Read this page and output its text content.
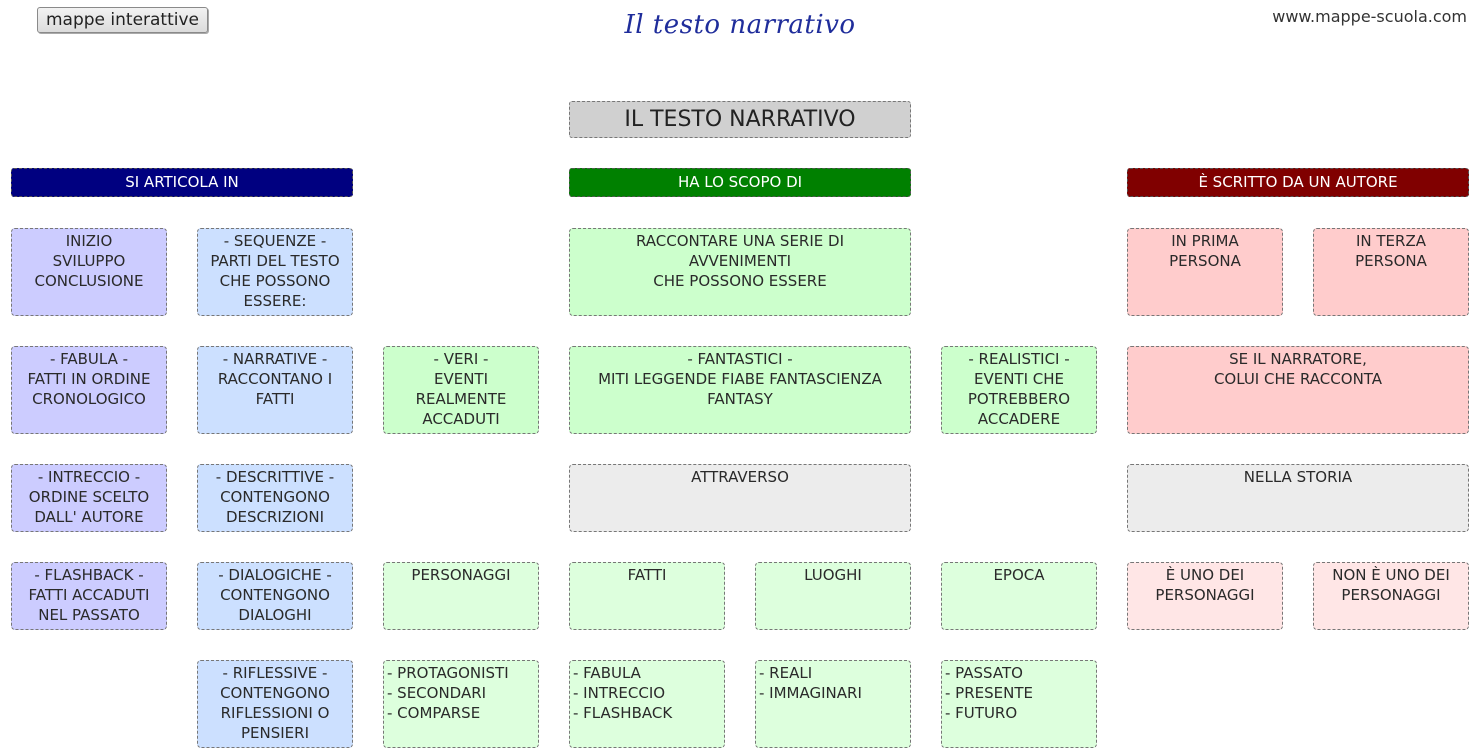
mappe interattive	Il testo narrativo	www.mappe-scuola.com
IL TESTO NARRATIVO
SI ARTICOLA IN	HA LO SCOPO DI	È SCRITTO DA UN AUTORE
INIZIO
SVILUPPO
CONCLUSIONE
- FABULA -
FATTI IN ORDINE
CRONOLOGICO
- INTRECCIO -
ORDINE SCELTO
DALL' AUTORE
- FLASHBACK -
FATTI ACCADUTI
NEL PASSATO
- SEQUENZE -
PARTI DEL TESTO
CHE POSSONO
ESSERE:
- NARRATIVE -
RACCONTANO I
FATTI
- DESCRITTIVE -
CONTENGONO
DESCRIZIONI
- DIALOGICHE -
CONTENGONO
DIALOGHI
- RIFLESSIVE -
CONTENGONO
RIFLESSIONI O
PENSIERI
RACCONTARE UNA SERIE DI
AVVENIMENTI
CHE POSSONO ESSERE
- VERI -
EVENTI
REALMENTE
ACCADUTI
- FANTASTICI -
MITI LEGGENDE FIABE FANTASCIENZA
FANTASY
- REALISTICI -
EVENTI CHE
POTREBBERO
ACCADERE
ATTRAVERSO
PERSONAGGI	FATTI	LUOGHI	EPOCA
- PROTAGONISTI
- SECONDARI
- COMPARSE
- FABULA
- INTRECCIO
- FLASHBACK
- REALI
- IMMAGINARI
- PASSATO
- PRESENTE
- FUTURO
IN PRIMA
PERSONA
IN TERZA
PERSONA
SE IL NARRATORE,
COLUI CHE RACCONTA
NELLA STORIA
È UNO DEI
PERSONAGGI
NON È UNO DEI
PERSONAGGI
